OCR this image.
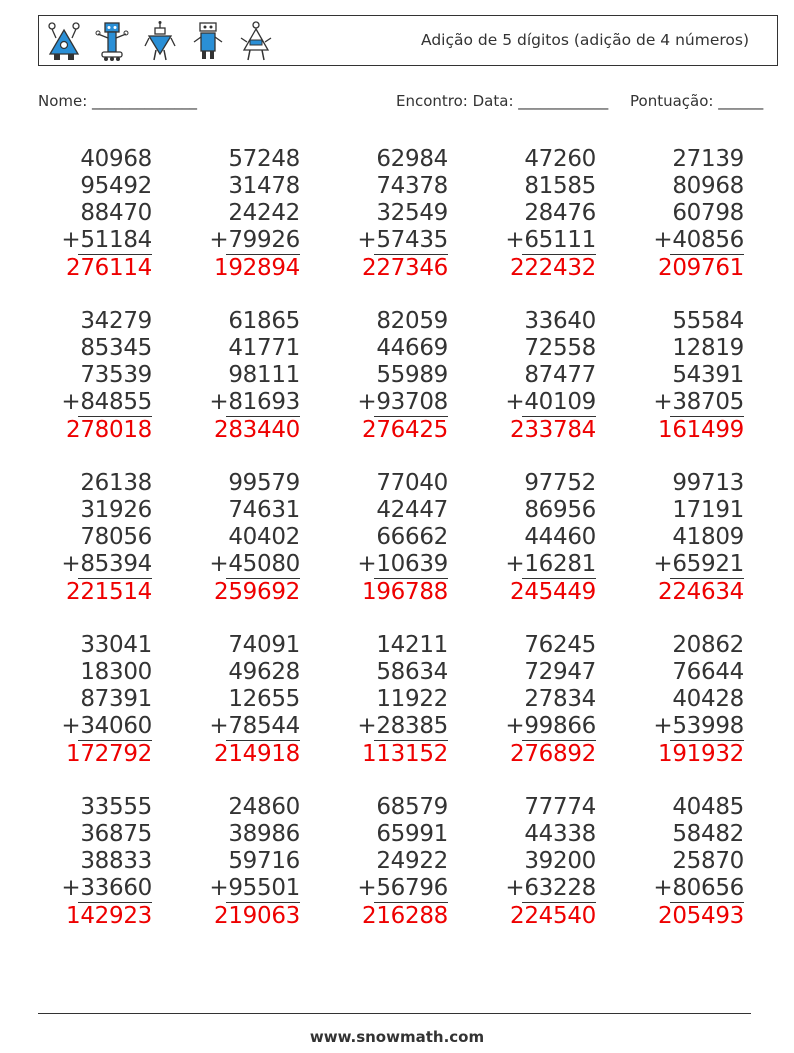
Adição de 5 dígitos (adição de 4 números)
Nome: ______________	Encontro: Data: ____________ Pontuação: ______
40968
95492
88470
+51184
276114
57248
31478
24242
+79926
192894
62984
74378
32549
+57435
227346
47260
81585
28476
+65111
222432
27139
80968
60798
+40856
209761
34279
85345
73539
+84855
278018
61865
41771
98111
+81693
283440
82059
44669
55989
+93708
276425
33640
72558
87477
+40109
233784
55584
12819
54391
+38705
161499
26138
31926
78056
+85394
221514
99579
74631
40402
+45080
259692
77040
42447
66662
+10639
196788
97752
86956
44460
+16281
245449
99713
17191
41809
+65921
224634
33041
18300
87391
+34060
172792
74091
49628
12655
+78544
214918
14211
58634
11922
+28385
113152
76245
72947
27834
+99866
276892
20862
76644
40428
+53998
191932
33555
36875
38833
+33660
142923
24860
38986
59716
+95501
219063
68579
65991
24922
+56796
216288
77774
44338
39200
+63228
224540
40485
58482
25870
+80656
205493
www.snowmath.com
